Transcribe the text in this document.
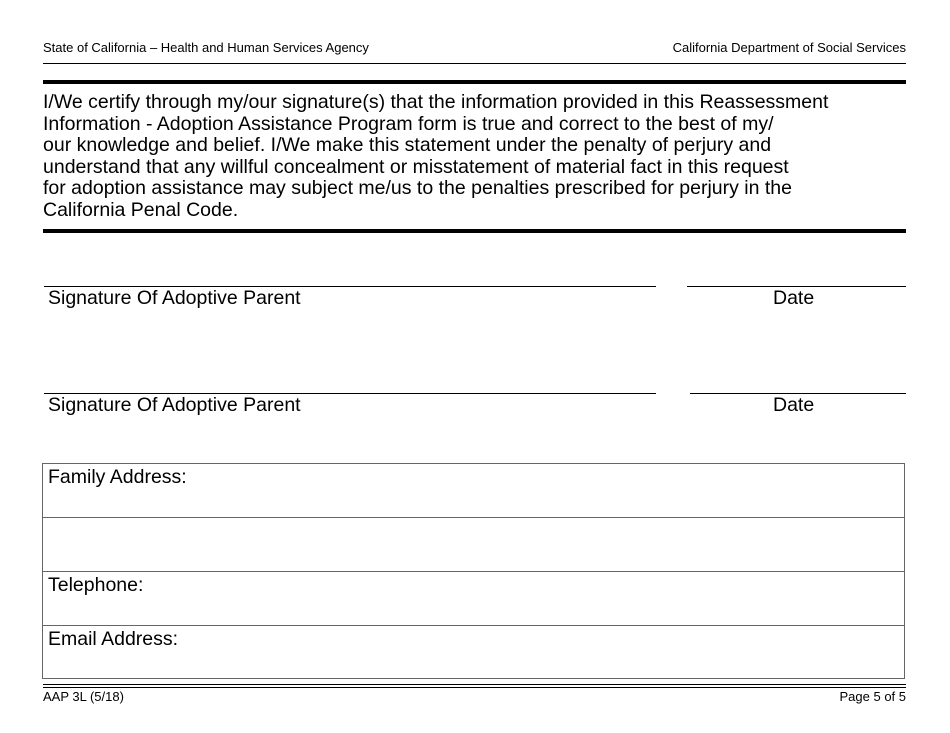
State of California – Health and Human Services Agency	California Department of Social Services
I/We certify through my/our signature(s) that the information provided in this Reassessment
Information - Adoption Assistance Program form is true and correct to the best of my/
our knowledge and belief. I/We make this statement under the penalty of perjury and
understand that any willful concealment or misstatement of material fact in this request
for adoption assistance may subject me/us to the penalties prescribed for perjury in the
California Penal Code.
Signature Of Adoptive Parent	Date
Signature Of Adoptive Parent	Date
Family Address:
Telephone:
Email Address:
AAP 3L (5/18)	Page 5 of 5
